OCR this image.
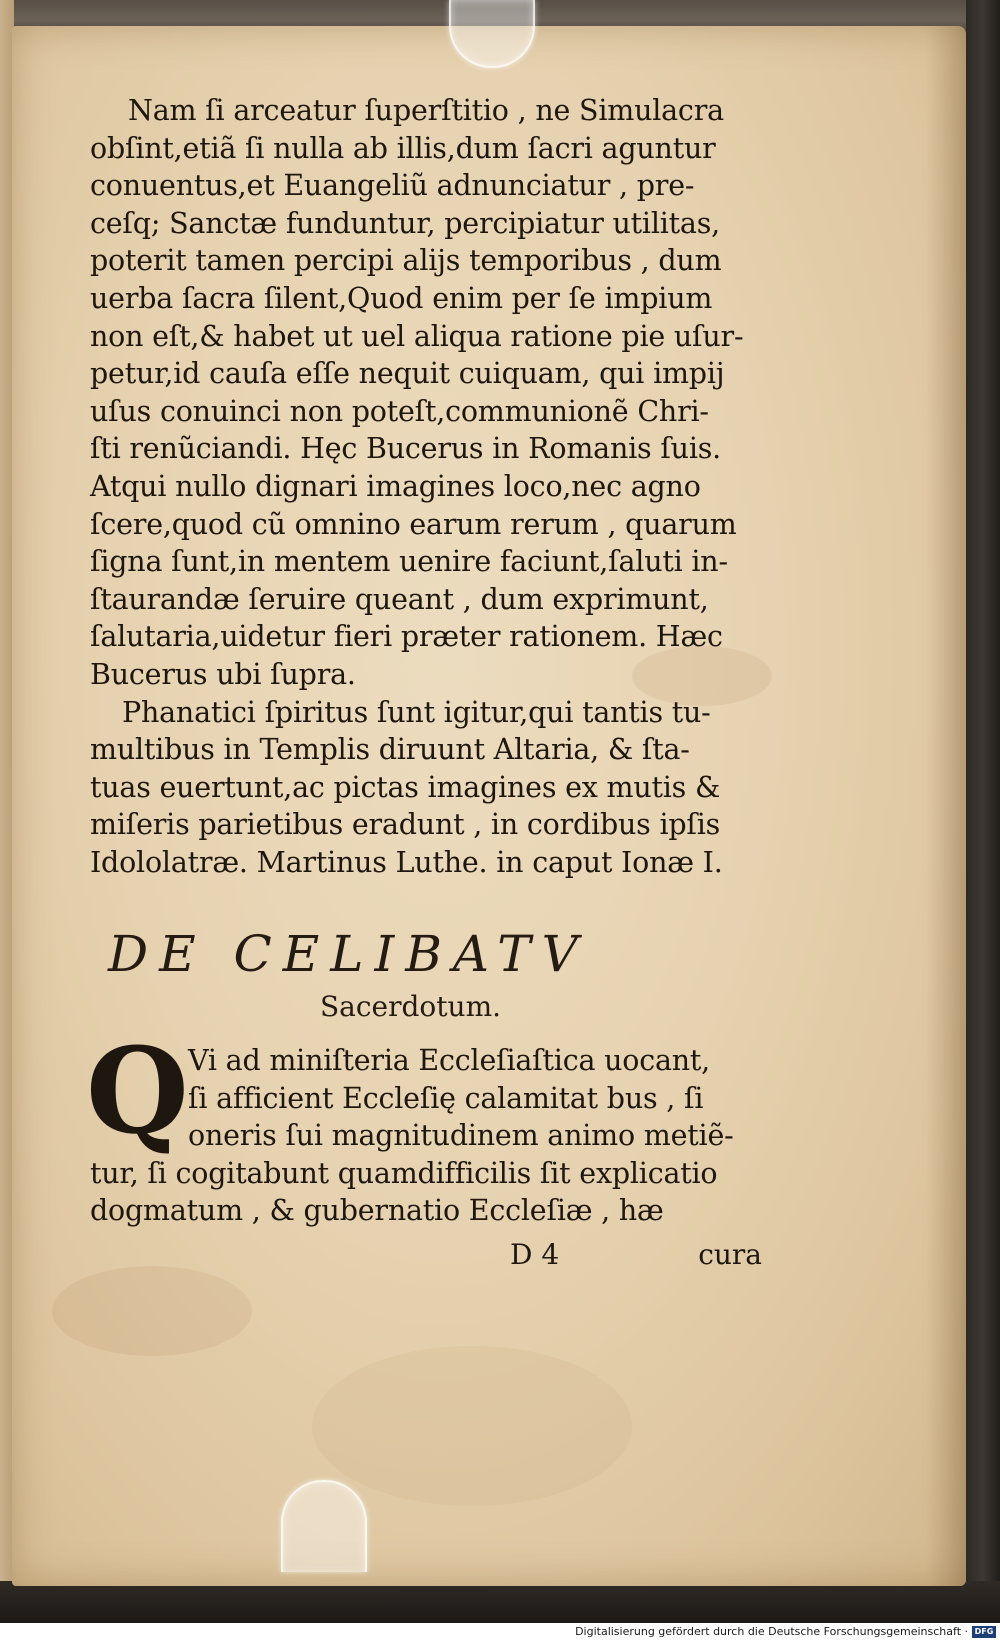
Nam ſi arceatur ſuperſtitio , ne Simulacra
obſint,etiã ſi nulla ab illis,dum ſacri aguntur
conuentus,et Euangeliũ adnunciatur , pre-
ceſq; Sanctæ funduntur, percipiatur utilitas,
poterit tamen percipi alijs temporibus , dum
uerba ſacra ſilent,Quod enim per ſe impium
non eſt,& habet ut uel aliqua ratione pie uſur-
petur,id cauſa eſſe nequit cuiquam, qui impij
uſus conuinci non poteſt,communionẽ Chri-
ſti renũciandi. Hęc Bucerus in Romanis ſuis.
Atqui nullo dignari imagines loco,nec agno
ſcere,quod cũ omnino earum rerum , quarum
ſigna ſunt,in mentem uenire faciunt,ſaluti in-
ſtaurandæ ſeruire queant , dum exprimunt,
ſalutaria,uidetur fieri præter rationem. Hæc
Bucerus ubi ſupra.
Phanatici ſpiritus ſunt igitur,qui tantis tu-
multibus in Templis diruunt Altaria, & ſta-
tuas euertunt,ac pictas imagines ex mutis &
miſeris parietibus eradunt , in cordibus ipſis
Idololatræ. Martinus Luthe. in caput Ionæ I.
DE CELIBATV
Sacerdotum.
Q Vi ad miniſteria Eccleſiaſtica uocant,
ſi afficient Eccleſię calamitat bus , ſi
oneris ſui magnitudinem animo metiẽ-
tur, ſi cogitabunt quamdifficilis ſit explicatio
dogmatum , & gubernatio Eccleſiæ , hæ
D 4	cura
Digitalisierung gefördert durch die Deutsche Forschungsgemeinschaft · DFG
